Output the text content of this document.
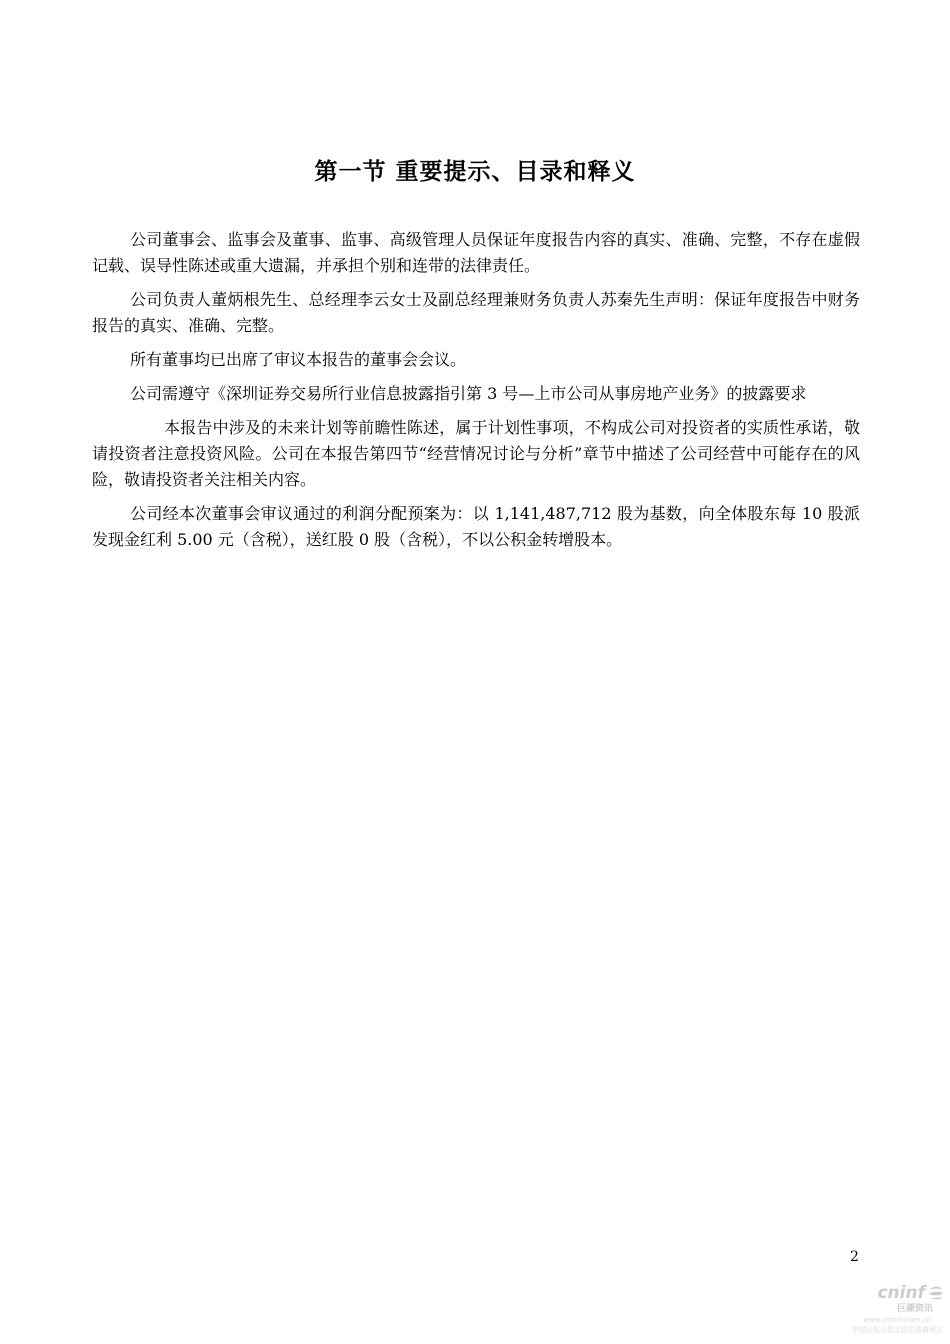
第一节 重要提示、目录和释义

公司董事会、监事会及董事、监事、高级管理人员保证年度报告内容的真实、准确、完整，不存在虚假记载、误导性陈述或重大遗漏，并承担个别和连带的法律责任。

公司负责人董炳根先生、总经理李云女士及副总经理兼财务负责人苏秦先生声明：保证年度报告中财务报告的真实、准确、完整。

所有董事均已出席了审议本报告的董事会会议。

公司需遵守《深圳证券交易所行业信息披露指引第 3 号—上市公司从事房地产业务》的披露要求

本报告中涉及的未来计划等前瞻性陈述，属于计划性事项，不构成公司对投资者的实质性承诺，敬请投资者注意投资风险。公司在本报告第四节“经营情况讨论与分析”章节中描述了公司经营中可能存在的风险，敬请投资者关注相关内容。

公司经本次董事会审议通过的利润分配预案为：以 1,141,487,712 股为基数，向全体股东每 10 股派发现金红利 5.00 元（含税），送红股 0 股（含税），不以公积金转增股本。

2
cninf
巨潮资讯
www.cninfo.com.cn
中国证监会指定信息披露网站
